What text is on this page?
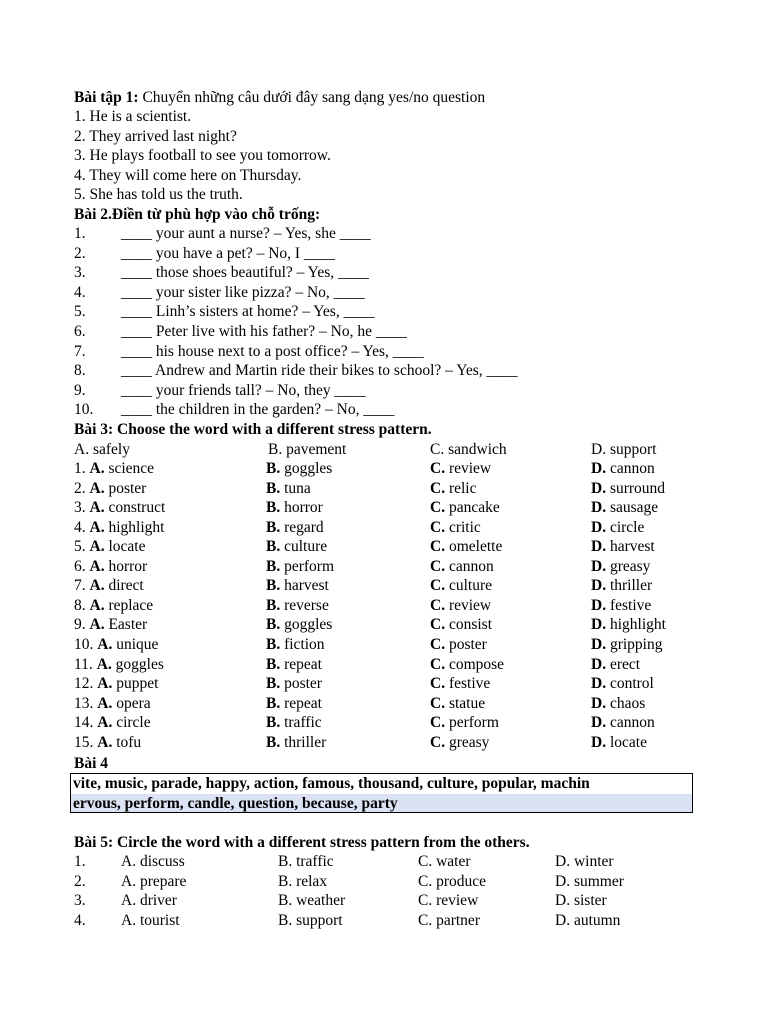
Bài tập 1: Chuyển những câu dưới đây sang dạng yes/no question
1. He is a scientist.
2. They arrived last night?
3. He plays football to see you tomorrow.
4. They will come here on Thursday.
5. She has told us the truth.
Bài 2.Điền từ phù hợp vào chỗ trống:
1. ____ your aunt a nurse? – Yes, she ____
2. ____ you have a pet? – No, I ____
3. ____ those shoes beautiful? – Yes, ____
4. ____ your sister like pizza? – No, ____
5. ____ Linh’s sisters at home? – Yes, ____
6. ____ Peter live with his father? – No, he ____
7. ____ his house next to a post office? – Yes, ____
8. ____ Andrew and Martin ride their bikes to school? – Yes, ____
9. ____ your friends tall? – No, they ____
10. ____ the children in the garden? – No, ____
Bài 3: Choose the word with a different stress pattern.
A. safely	B. pavement	C. sandwich	D. support
1. A. science	B. goggles	C. review	D. cannon
2. A. poster	B. tuna	C. relic	D. surround
3. A. construct	B. horror	C. pancake	D. sausage
4. A. highlight	B. regard	C. critic	D. circle
5. A. locate	B. culture	C. omelette	D. harvest
6. A. horror	B. perform	C. cannon	D. greasy
7. A. direct	B. harvest	C. culture	D. thriller
8. A. replace	B. reverse	C. review	D. festive
9. A. Easter	B. goggles	C. consist	D. highlight
10. A. unique	B. fiction	C. poster	D. gripping
11. A. goggles	B. repeat	C. compose	D. erect
12. A. puppet	B. poster	C. festive	D. control
13. A. opera	B. repeat	C. statue	D. chaos
14. A. circle	B. traffic	C. perform	D. cannon
15. A. tofu	B. thriller	C. greasy	D. locate
Bài 4
vite, music, parade, happy, action, famous, thousand, culture, popular, machin
ervous, perform, candle, question, because, party
Bài 5: Circle the word with a different stress pattern from the others.
1. A. discuss	B. traffic	C. water	D. winter
2. A. prepare	B. relax	C. produce	D. summer
3. A. driver	B. weather	C. review	D. sister
4. A. tourist	B. support	C. partner	D. autumn
